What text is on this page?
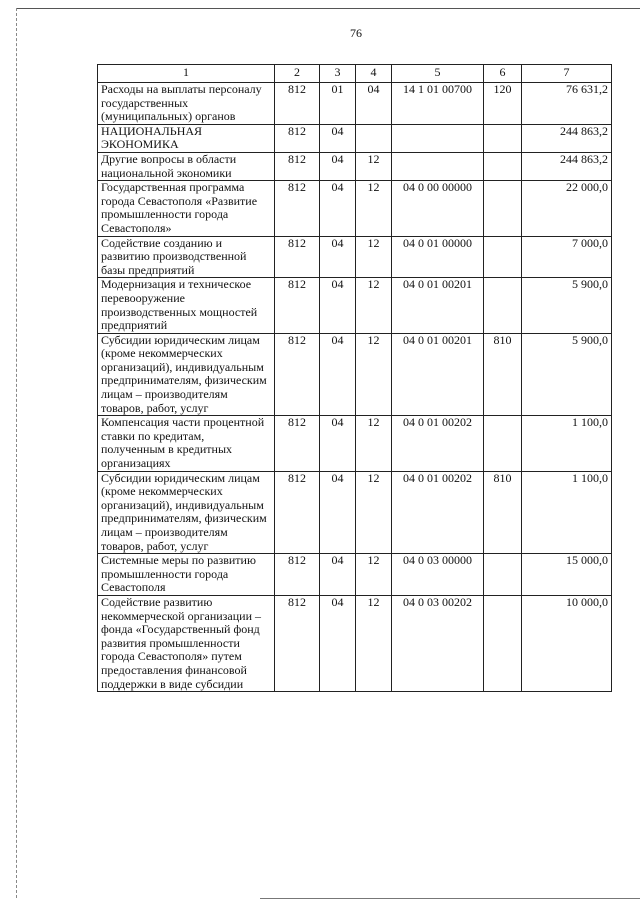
76
1	2	3	4	5	6	7
Расходы на выплаты персоналу государственных (муниципальных) органов	812	01	04	14 1 01 00700	120	76 631,2
НАЦИОНАЛЬНАЯ ЭКОНОМИКА	812	04				244 863,2
Другие вопросы в области национальной экономики	812	04	12			244 863,2
Государственная программа города Севастополя «Развитие промышленности города Севастополя»	812	04	12	04 0 00 00000		22 000,0
Содействие созданию и развитию производственной базы предприятий	812	04	12	04 0 01 00000		7 000,0
Модернизация и техническое перевооружение производственных мощностей предприятий	812	04	12	04 0 01 00201		5 900,0
Субсидии юридическим лицам (кроме некоммерческих организаций), индивидуальным предпринимателям, физическим лицам – производителям товаров, работ, услуг	812	04	12	04 0 01 00201	810	5 900,0
Компенсация части процентной ставки по кредитам, полученным в кредитных организациях	812	04	12	04 0 01 00202		1 100,0
Субсидии юридическим лицам (кроме некоммерческих организаций), индивидуальным предпринимателям, физическим лицам – производителям товаров, работ, услуг	812	04	12	04 0 01 00202	810	1 100,0
Системные меры по развитию промышленности города Севастополя	812	04	12	04 0 03 00000		15 000,0
Содействие развитию некоммерческой организации – фонда «Государственный фонд развития промышленности города Севастополя» путем предоставления финансовой поддержки в виде субсидии	812	04	12	04 0 03 00202		10 000,0
